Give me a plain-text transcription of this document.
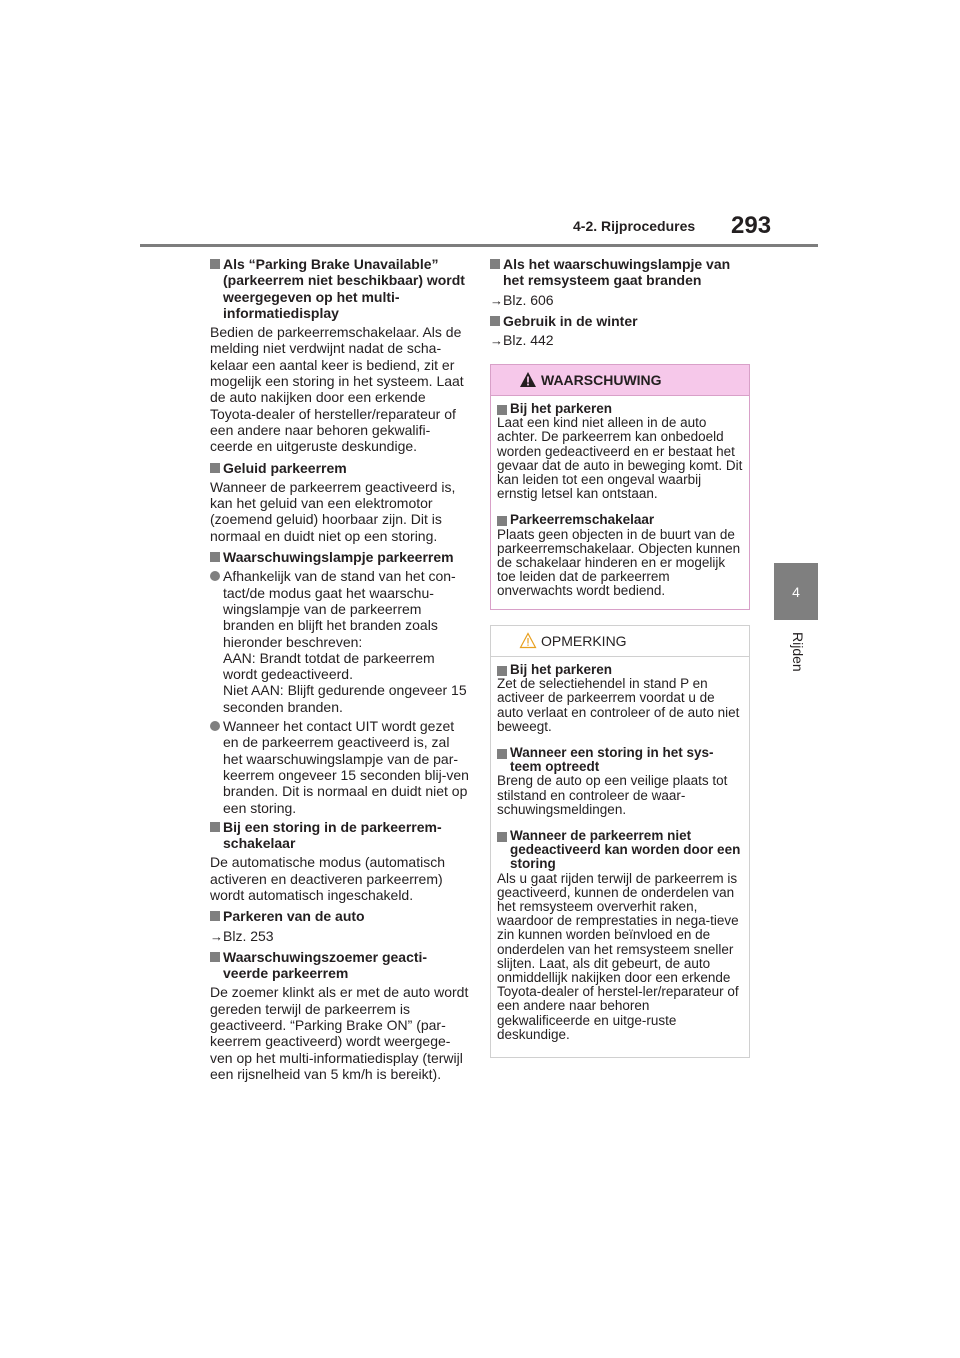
4-2. Rijprocedures 293
4
Rijden
Als “Parking Brake Unavailable” (parkeerrem niet beschikbaar) wordt weergegeven op het multi-informatiedisplay
Bedien de parkeerremschakelaar. Als de melding niet verdwijnt nadat de scha-kelaar een aantal keer is bediend, zit er mogelijk een storing in het systeem. Laat de auto nakijken door een erkende Toyota-dealer of hersteller/reparateur of een andere naar behoren gekwalifi-ceerde en uitgeruste deskundige.
Geluid parkeerrem
Wanneer de parkeerrem geactiveerd is, kan het geluid van een elektromotor (zoemend geluid) hoorbaar zijn. Dit is normaal en duidt niet op een storing.
Waarschuwingslampje parkeerrem
Afhankelijk van de stand van het con-tact/de modus gaat het waarschu-wingslampje van de parkeerrem branden en blijft het branden zoals hieronder beschreven:
AAN: Brandt totdat de parkeerrem wordt gedeactiveerd.
Niet AAN: Blijft gedurende ongeveer 15 seconden branden.
Wanneer het contact UIT wordt gezet en de parkeerrem geactiveerd is, zal het waarschuwingslampje van de par-keerrem ongeveer 15 seconden blij-ven branden. Dit is normaal en duidt niet op een storing.
Bij een storing in de parkeerrem-schakelaar
De automatische modus (automatisch activeren en deactiveren parkeerrem) wordt automatisch ingeschakeld.
Parkeren van de auto
→Blz. 253
Waarschuwingszoemer geacti-veerde parkeerrem
De zoemer klinkt als er met de auto wordt gereden terwijl de parkeerrem is geactiveerd. “Parking Brake ON” (par-keerrem geactiveerd) wordt weergege-ven op het multi-informatiedisplay (terwijl een rijsnelheid van 5 km/h is bereikt).
Als het waarschuwingslampje van het remsysteem gaat branden
→Blz. 606
Gebruik in de winter
→Blz. 442
WAARSCHUWING
Bij het parkeren
Laat een kind niet alleen in de auto achter. De parkeerrem kan onbedoeld worden gedeactiveerd en er bestaat het gevaar dat de auto in beweging komt. Dit kan leiden tot een ongeval waarbij ernstig letsel kan ontstaan.
Parkeerremschakelaar
Plaats geen objecten in de buurt van de parkeerremschakelaar. Objecten kunnen de schakelaar hinderen en er mogelijk toe leiden dat de parkeerrem onverwachts wordt bediend.
OPMERKING
Bij het parkeren
Zet de selectiehendel in stand P en activeer de parkeerrem voordat u de auto verlaat en controleer of de auto niet beweegt.
Wanneer een storing in het sys-teem optreedt
Breng de auto op een veilige plaats tot stilstand en controleer de waar-schuwingsmeldingen.
Wanneer de parkeerrem niet gedeactiveerd kan worden door een storing
Als u gaat rijden terwijl de parkeerrem is geactiveerd, kunnen de onderdelen van het remsysteem oververhit raken, waardoor de remprestaties in nega-tieve zin kunnen worden beïnvloed en de onderdelen van het remsysteem sneller slijten. Laat, als dit gebeurt, de auto onmiddellijk nakijken door een erkende Toyota-dealer of herstel-ler/reparateur of een andere naar behoren gekwalificeerde en uitge-ruste deskundige.
